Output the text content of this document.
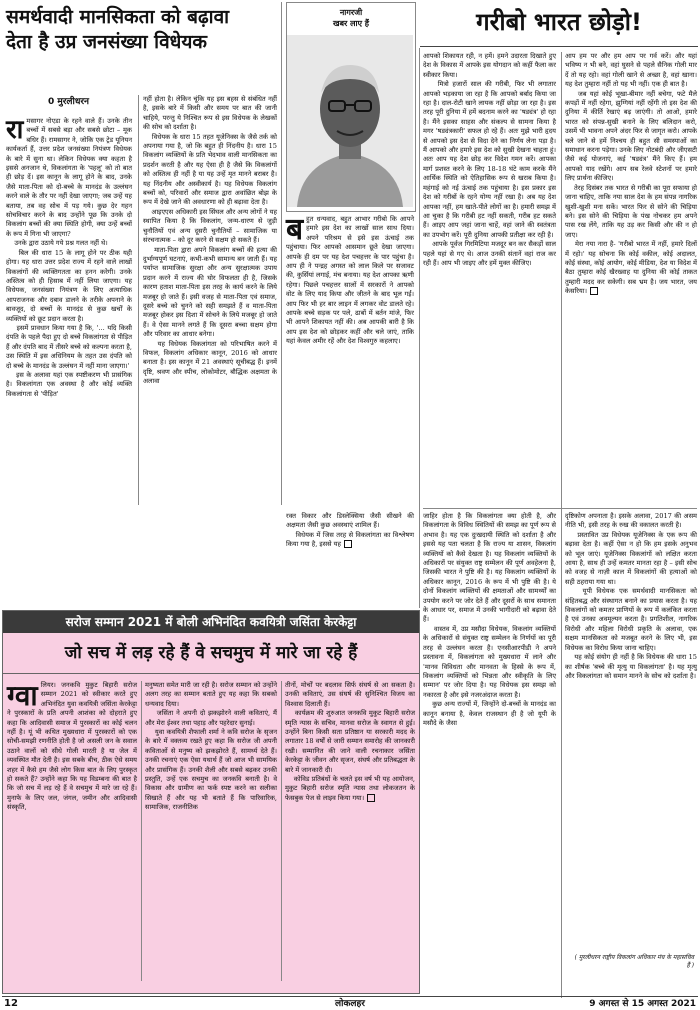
समर्थवादी मानसिकता को बढ़ावा
देता है उप्र जनसंख्या विधेयक
0 मुरलीधरन
रामसागर नोएडा के रहने वाले हैं। उनके तीन बच्चों में सबसे बड़ा और सबसे छोटा – मूक बधिर हैं। रामसागर ने, जोकि एक ट्रेड यूनियन कार्यकर्ता हैं, उत्तर प्रदेश जनसंख्या नियंत्रण विधेयक के बारे में सुना था। लेकिन विधेयक क्या कहता है इससे अनजान थे, विकलांगता के 'पहलू' को तो बात ही छोड़ दें। इस कानून के लागू होने के बाद, उनके जैसे माता-पिता को दो-बच्चे के मानदंड के उल्लंघन करने वाले के तौर पर नहीं देखा जाएगा; जब उन्हें यह बताया, तब वह सोच में पड़ गये। कुछ देर गहन सोचविचार करने के बाद उन्होंने पूछ कि उनके दो विकलांग बच्चों की क्या स्थिति होगी, क्या उन्हें बच्चों के रूप में गिना भी जाएगा?
उनके द्वारा उठाये गये प्रश्न गलत नहीं थे।
बिल की धारा 15 के लागू होने पर ठीक यही होगा। यह धारा उत्तर प्रदेश राज्य में रहने वाले लाखों विकलांगों की व्यक्तिगतता का हनन करेगी। उनके अस्तित्व को ही हिसाब में नहीं लिया जाएगा। यह विधेयक, जनसंख्या नियंत्रण के लिए अत्याधिक आपराजनक और दबाव डालने के तरीके अपनाने के बावजूद, दो बच्चों के मानदंड से कुछ खर्चों के व्यक्तियों को छूट प्रदान करता है।
इसमें प्रावधान किया गया है कि, '... यदि किसी दंपति के पहले पैदा हुए दो बच्चे विकलांगता से पीड़ित हैं और दंपति बाद में तीसरे बच्चे को कल्पना करता है, उस स्थिति में इस अधिनियम के तहत उस दंपति को दो बच्चे के मानदंड के उल्लंघन में नहीं माना जाएगा।'
इस के अलावा यहां एक स्पष्टीकरण भी प्रासंगिक है। विकलांगता एक अवस्था है और कोई व्यक्ति विकलांगता से 'पीड़ित'
नहीं होता है। लेकिन चूंकि यह इस बहस से संबंधित नहीं है, इसके बारे में किसी और समय पर बात की जानी चाहिये, परन्तु ये निश्चित रूप से इस विधेयक के लेखकों की सोच को दर्शाता है।
विधेयक के धारा 15 तहत यूजेनिक्स के जैसे तर्क को अपनाया गया है, जो कि बहुत ही निंदनीय है। धारा 15 विकलांग व्यक्तियों के प्रति भेदभाव वाली मानसिकता का प्रदर्शन करती है और यह ऐसा ही है जैसे कि विकलांगों को अस्तित्व ही नहीं है या यह उन्हें मृत मानने बराबर है। यह निंदनीय और अस्वीकार्य है। यह विधेयक विकलांग बच्चों को, परिवारों और समाज द्वारा अवांछित बोझ के रूप में देखे जाने की अवधारणा को ही बढ़ावा देता है।
आइएएस अधिकारी इस सिंघल और अन्य लोगों ने यह स्थापित किया है कि विकलांग, जन्म-धारण से जुड़ी चुनौतियों एवं अन्य दूसरी चुनौतियों – सामाजिक या संरचनात्मक – को दूर करने से सक्षम हो सकते हैं।
माता-पिता द्वारा अपने विकलांग बच्चों की हत्या की दुर्भाग्यपूर्ण घटनाएं, कभी-कभी सामान्य बन जाती हैं। यह पर्याप्त सामाजिक सुरक्षा और अन्य सुरक्षात्मक उपाय प्रदान करने में राज्य की घोर विफलता ही है, जिसके कारण हताश माता-पिता इस तरह के कार्य करने के लिये मजबूर हो जाते हैं। इसी वजह से माता-पिता एवं समाज, दूसरे बच्चे को चुनने को सही समझते हैं व माता-पिता मजबूर होकर इस दिशा में सोचने के लिये मजबूर हो जाते हैं। वे ऐसा मानने लगते हैं कि दूसरा बच्चा सक्षम होगा और परिवार का आधार बनेगा।
यह विधेयक विकलांगता को परिभाषित करने में विफल, विकलांग अधिकार कानून, 2016 को आधार बनाता है। इस कानून में 21 अवस्थाएं सूचीबद्ध हैं। इनमें दृष्टि, श्रवण और स्पीच, लोकोमोटर, बौद्धिक अक्षमता के अलावा
नागरजी
खबर लाए हैं
बहुत धन्यवाद, बहुत आभार गरीबो कि आपने हमारे इस देश का लाखों साल साथ दिया। अपने परिश्रम से इसे इस ऊंचाई तक पहुंचाया। फिर आपको आसमान छूते देखा जाएगा। आपके ही दम पर यह देश पचहत्तर के पार पहुंचा है। आप ही ने पन्द्रह अगस्त को लाल किले पर सजावट की, कुर्सियां लगाई, मंच बनाया। यह देश आपका ऋणी रहेगा। पिछले पचहत्तर सालों में सरकारों ने आपको वोट के लिए याद किया और जीतने के बाद भूल गईं। आप फिर भी हर बार लाइन में लगकर वोट डालते रहे। आपके बच्चे सड़क पर पले, ढाबों में बर्तन मांजे, फिर भी आपने शिकायत नहीं की। अब आपकी बारी है कि आप इस देश को छोड़कर कहीं और चले जाएं, ताकि यहां केवल अमीर रहें और देश विश्वगुरु कहलाए।
गरीबो भारत छोड़ो!
आपको शिकायत रही, न हमें। हमने उदारता दिखाते हुए देश के विकास में आपके इस योगदान को कहीं फैला कर स्वीकार किया।
मित्रो हजारों साल की गरीबी, फिर भी लगातार आपको भड़काया जा रहा है कि आपको बर्बाद किया जा रहा है। दाल-रोटी खाने लायक नहीं छोड़ा जा रहा है। इस तरह पूरी दुनिया में हमें बदनाम करने का 'षड्यंत्र' हो रहा है। मैंने इसका साहस और संकल्प से सामना किया है मगर 'षड्यंत्रकारी' सफल हो रहे हैं। अतः मुझे भारी हृदय से आपको इस देश से विदा देने का निर्णय लेना पड़ा है। मैं आपको और हमारे इस देश को सुखी देखना चाहता हूं। अतः आप यह देश छोड़ कर विदेश गमन करें। आपका मार्ग प्रशस्त करने के लिए 18-18 घंटे काम करके मैंने आर्थिक स्थिति को ऐतिहासिक रूप से खराब किया है। महंगाई को नई ऊंचाई तक पहुंचाया है। इस प्रकार इस देश को गरीबों के रहने योग्य नहीं रखा है। अब यह देश आपका नहीं, हम खाते-पीते लोगों का है। हमारी समझ में आ चुका है कि गरीबी हट नहीं सकती, गरीब हट सकते हैं। आइए आप जहां जाना चाहें, वहां जाने की स्वतंत्रता का उपभोग करें। पूरी दुनिया आपकी प्रतीक्षा कर रही है।
आपके पूर्वज गिरमिटिया मजदूर बन कर सैकड़ों साल पहले यहां से गए थे। आज उनकी संतानें वहां राज कर रही हैं। आप भी जाइए और हमें मुक्त कीजिए।
आप हम पर और हम आप पर गर्व करें। और यहां भविष्य न भी बने, वहां घुसने से पहले सैनिक गोली मार दें तो यह रहो। वहां गोली खाने से अच्छा है, वहां खाना। यह देश तुम्हारा नहीं तो यह भी नहीं। एक ही बात है।
जब यहां कोई भूखा-बीमार नहीं बचेगा, फटे मैले कपड़ों में नहीं रहेगा, झुग्गियां नहीं रहेंगी तो इस देश की दुनिया में कीर्ति रेखाएं बढ़ जाएंगी। तो आओ, हमारे भारत को संपन्न-सुखी बनाने के लिए बलिदान करो, उसमें भी भावना अपने अंदर फिर से जागृत करो। आपके चले जाने से हमें निश्चय ही बहुत सी समस्याओं का समाधान करना पड़ेगा। उनके लिए नोटबंदी और जीएसटी जैसे कई योजनाएं, कई 'षड्यंत्र' मैंने किए हैं। हम आपको याद रखेंगे। आप सब रेलवे स्टेशनों पर हमारे लिए प्रार्थना कीजिए।
तेरह दिसंबर तक भारत से गरीबी का पूरा सफाया हो जाना चाहिए, ताकि नया साल देश के हम संपन्न नागरिक खुशी-खुशी मना सकें। भारत फिर से सोने की चिड़िया बने। इस सोने की चिड़िया के पंख नोचकर हम अपने पास रख लेंगे, ताकि यह उड़ कर किसी और की न हो जाए।
मेरा नया नारा है- 'गरीबो भारत में नहीं, हमारे दिलों में रहो।' यह सोचना कि कोई वकील, कोई अदालत, कोई संस्था, कोई आयोग, कोई मीडिया, देश या विदेश में बैठा तुम्हारा कोई खैरख्वाह या दुनिया की कोई ताकत तुम्हारी मदद कर सकेगी। सब भ्रम है। जय भारत, जय केसरिया।
रक्त विकार और डिस्लेक्सिया जैसी सीखने की अक्षमता जैसी कुछ अवस्थाएं शामिल हैं।
विधेयक में जिस तरह से विकलांगता का विश्लेषण किया गया है, इससे यह
जाहिर होता है कि विकलांगता क्या होती है, और विकलांगता के विविध स्थितियों की समझ का पूर्ण रूप से अभाव है। यह एक दुःखदायी स्थिति को दर्शाता है और इससे यह पता चलता है कि राज्य या शासन, विकलांग व्यक्तियों को कैसे देखता है। यह विकलांग व्यक्तियों के अधिकारों पर संयुक्त राष्ट्र सम्मेलन की पूर्ण अवहेलना है, जिसकी भारत ने पुष्टि की है। यह विकलांग व्यक्तियों के अधिकार कानून, 2016 के रूप में भी पुष्टि की है। ये दोनों विकलांग व्यक्तियों की क्षमताओं और सामर्थ्यों का उपयोग करने पर जोर देते हैं और दूसरों के साथ समानता के आधार पर, समाज में उनकी भागीदारी को बढ़ावा देते हैं।
वास्तव में, उप्र मसौदा विधेयक, विकलांग व्यक्तियों के अधिकारों से संयुक्त राष्ट्र सम्मेलन के निर्णयों का पूरी तरह से उल्लंघन करता है। एनसीआरपीडी ने अपने प्रस्तावना में, विकलांगता को मुख्यधारा में लाने और 'मानव विविधता और मानवता के हिस्से के रूप में, विकलांग व्यक्तियों को भिन्नता और स्वीकृति के लिए सम्मान' पर जोर दिया है। यह विधेयक इस समझ को नकारता है और इसे नजरअंदाज करता है।
कुछ अन्य राज्यों में, जिन्होंने दो-बच्चों के मानदंड का कानून बनाया है, केवल राजस्थान ही है जो यूपी के मसौदे के जैसा
दृष्टिकोण अपनाता है। इसके अलावा, 2017 की असम नीति भी, इसी तरह के रुख की वकालत करती है।
प्रस्तावित उप्र विधेयक यूजेनिक्स के एक रूप की बढ़ावा देता है। कहीं ऐसा न हो कि हम इसके अनुभव को भूल जाएं। यूजेनिक्स विकलांगों को लक्षित करता आया है, साथ ही उन्हें कमतर मानता रहा है – इसी सोच को वजह से नाज़ी काल में विकलांगों की हत्याओं को सही ठहराया गया था।
यूपी विधेयक एक समर्थवादी मानसिकता को संहितबद्ध और संस्थागत बनाने का प्रयास करता है। यह विकलांगों को कमतर प्राणियों के रूप में कलंकित करता है एवं उनका अवमूल्यन करता है। प्रगतिशील, नागरिक विरोधी और महिला विरोधी प्रकृति के अलावा, एक सक्षम मानसिकता को मजबूत करने के लिए भी, इस विधेयक का विरोध किया जाना चाहिए।
यह कोई संयोग ही नहीं है कि विधेयक की धारा 15 का शीर्षक 'बच्चे की मृत्यु या विकलांगता' है। यह मृत्यु और विकलांगता को समान मानने के सोच को दर्शाता है।
( मुरलीधरन राष्ट्रीय विकलांग अधिकार मंच के महासचिव हैं )
सरोज सम्मान 2021 में बोली अभिनंदित कवयित्री जसिंता केरकेट्टा
जो सच में लड़ रहे हैं वे सचमुच में मारे जा रहे हैं
ग्वा लियर। जनकवि मुकुट बिहारी सरोज सम्मान 2021 को स्वीकार करते हुए अभिनंदित युवा कवयित्री जसिंता केरकेट्टा ने पुरस्कारों के प्रति अपनी आशंका को दोहराते हुए कहा कि आदिवासी समाज में पुरस्कारों का कोई चलन नहीं है। यूं भी कथित मुख्यधारा में पुरस्कारों को एक सोची-समझी रणनीति होती है जो असली जन के सवाल उठाने वालों को सीधे गोली मारती है या जेल में व्यवस्थित मौत देती है। इस सबके बीच, ठीक ऐसे समय शहर में कैसे हम जैसे लोग किस बात के लिए पुरस्कृत हो सकते हैं? उन्होंने कहा कि यह विडम्बना की बात है कि जो सच में लड़ रहे हैं वे सचमुच में मारे जा रहे हैं। मुनाफे के लिए जल, जंगल, जमीन और आदिवासी संस्कृति,
मनुष्यता समेत मारी जा रही है। सरोज सम्मान को उन्होंने अलग तरह का सम्मान बताते हुए यह कहा कि सबको धन्यवाद दिया।
जसिंता ने अपनी दो झकझोरने वाली कविताएं, मैं और मेरा ईश्वर तथा पहाड़ और पहरेदार सुनाई।
युवा कवयित्री शैफाली शर्मा ने कवि सरोज के सृजन के बारे में वक्तव्य रखते हुए कहा कि सरोज जी अपनी कविताओं से मनुष्य को झकझोरते हैं, सामर्थ्य देते हैं। उनकी रचनाएं एक ऐसा यथार्थ हैं जो आज भी सामयिक और प्रासंगिक हैं। उनकी शैली और सबसे बढ़कर उनकी प्रस्तुति, उन्हें एक सचमुच का जनकवि बनाती है। वे विकास और ग्रामीण का फर्क स्पष्ट करने का सलीका सिखाते हैं और यह भी बताते हैं कि पारिवारिक, सामाजिक, राजनीतिक
तीनों, मोर्चों पर बदलाव सिर्फ संघर्ष से आ सकता है। उनकी कविताएं, उस संघर्ष की सुनिश्चित विजय का विश्वास दिलाती हैं।
कार्यक्रम की शुरुआत जनकवि मुकुट बिहारी सरोज स्मृति न्यास के सचिव, मानवा सरोज के स्वागत से हुई। उन्होंने बिना किसी सता प्रतिष्ठान या सरकारी मदद के लगातार 18 वर्षों से जारी सम्मान समारोह की जानकारी रखी। सम्मानित की जाने वाली रचनाकार जसिंता केरकेट्टा के जीवन और सृजन, संघर्ष और प्रतिबद्धता के बारे में जानकारी दी।
कोविड प्रतिबंधों के चलते इस वर्ष भी यह आयोजन, मुकुट बिहारी सरोज स्मृति न्यास तथा लोकजतन के फेसबुक पेज से लाइव किया गया।
12	लोकलहर	9 अगस्त से 15 अगस्त 2021
